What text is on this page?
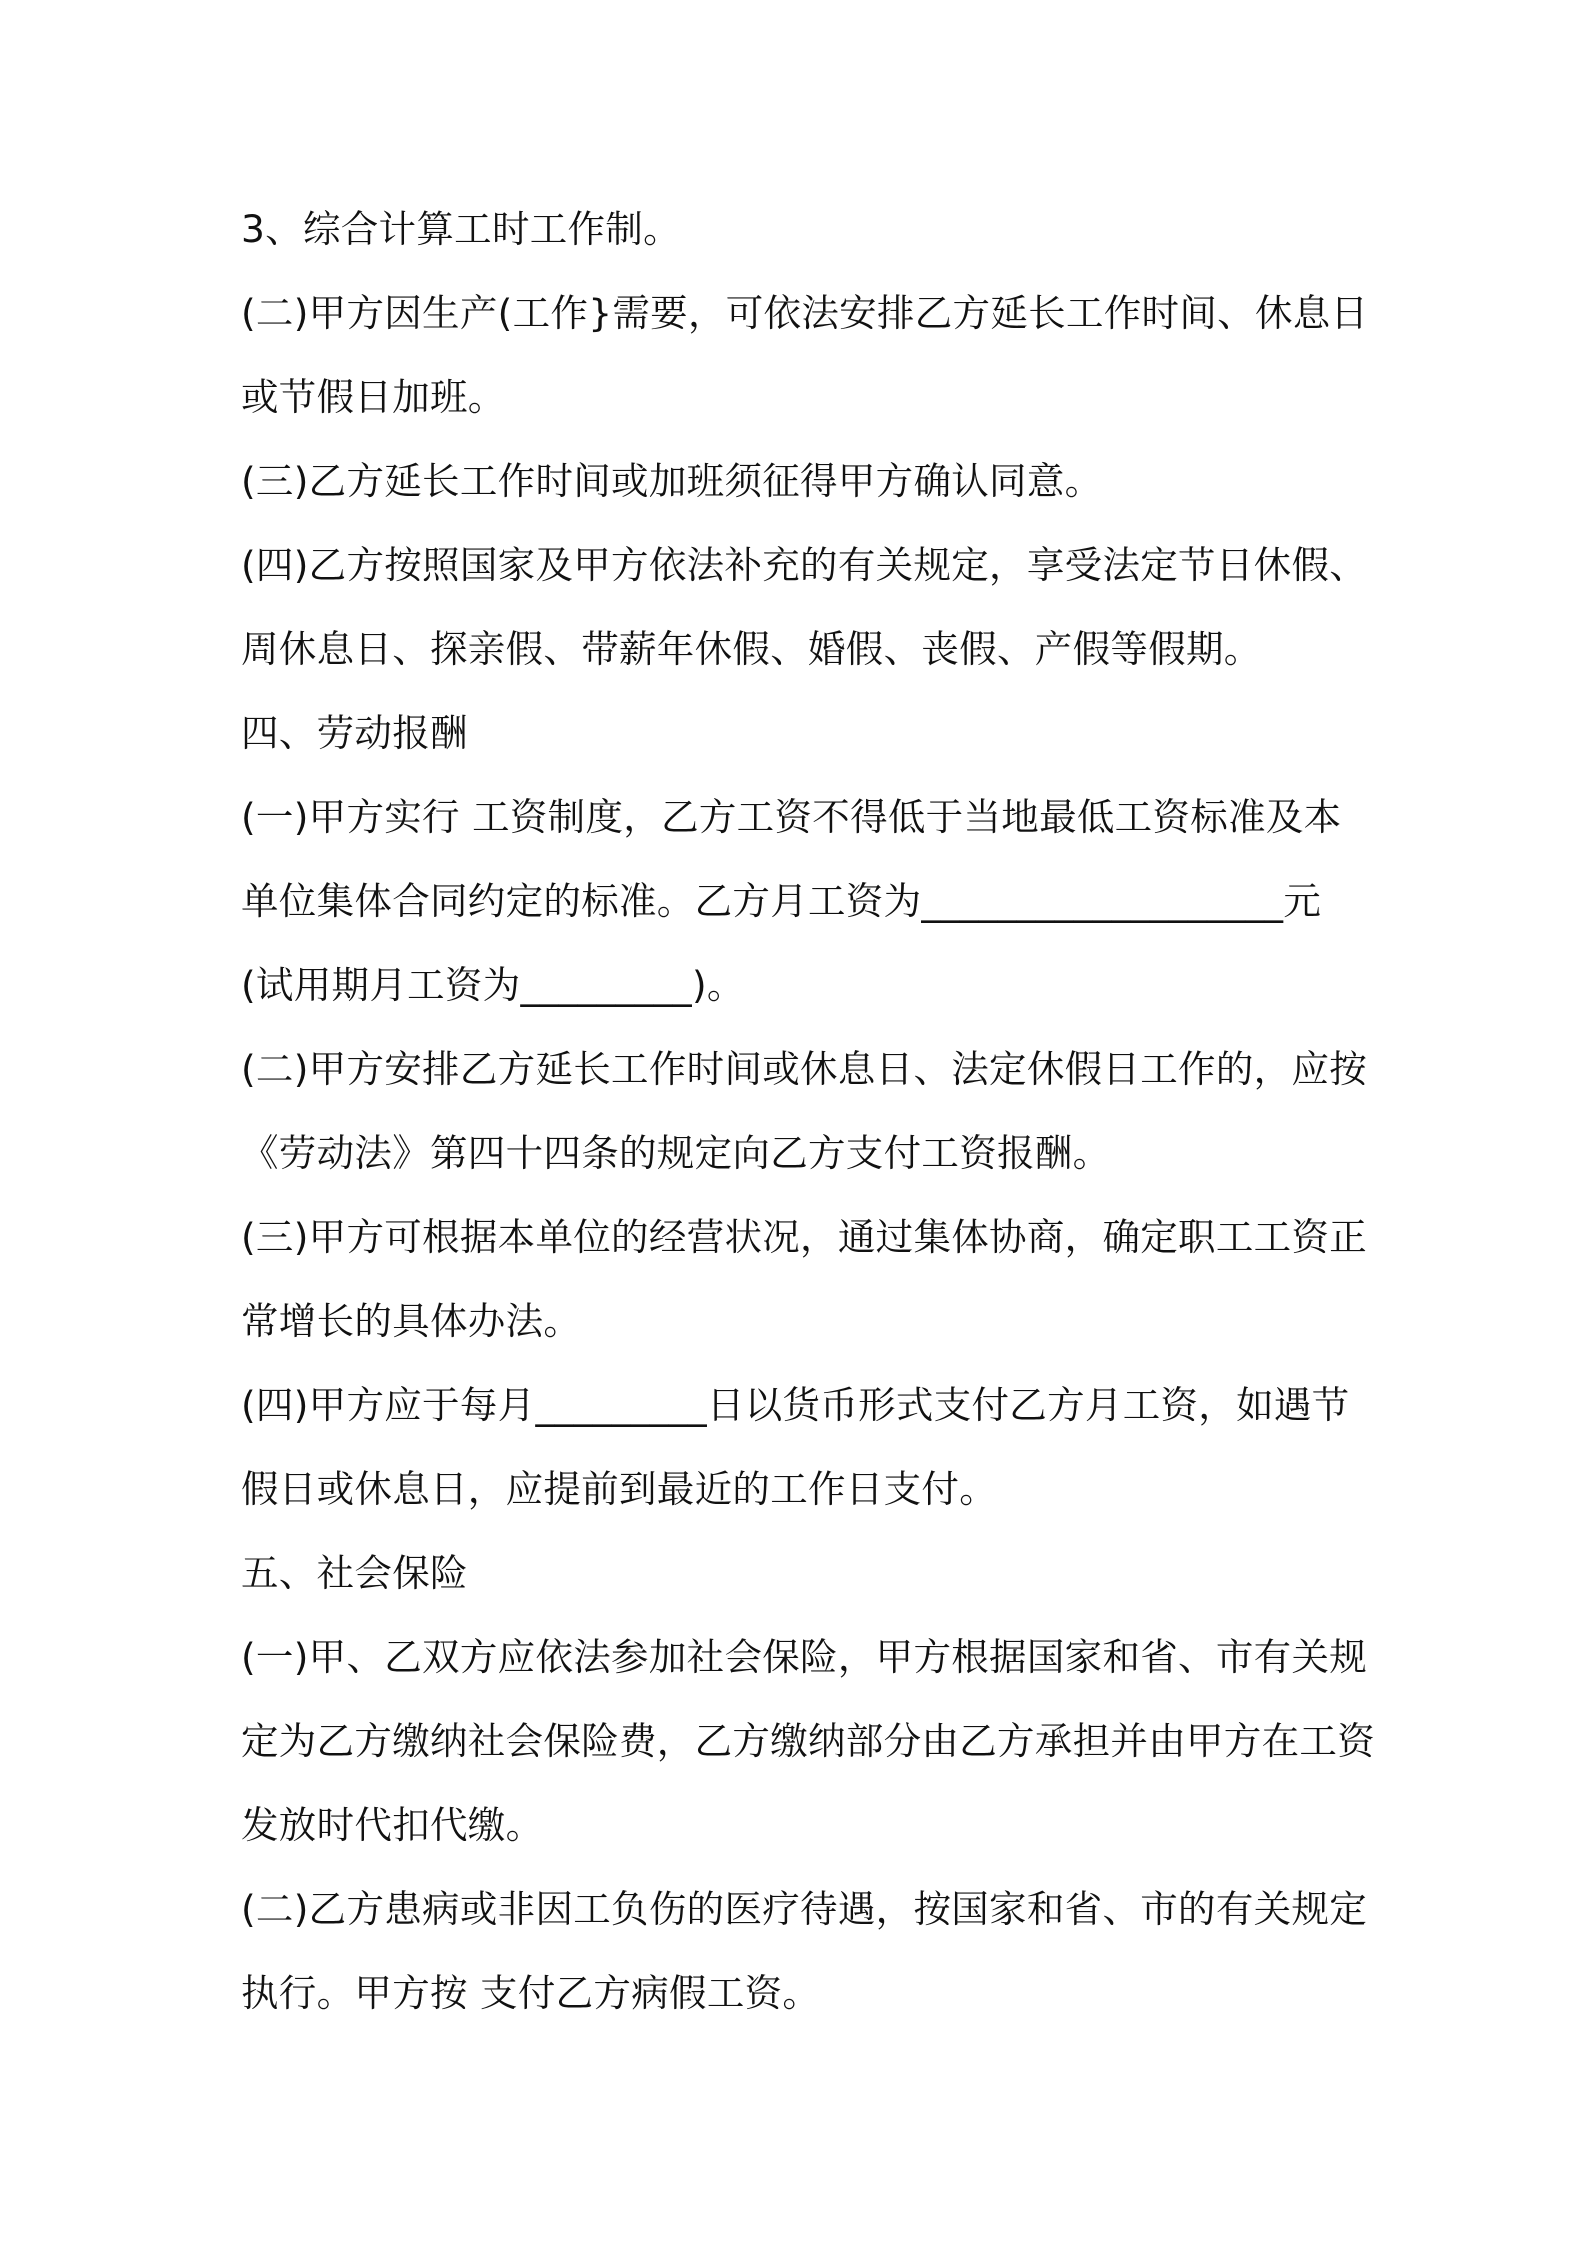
3、综合计算工时工作制。
(二)甲方因生产(工作}需要，可依法安排乙方延长工作时间、休息日
或节假日加班。
(三)乙方延长工作时间或加班须征得甲方确认同意。
(四)乙方按照国家及甲方依法补充的有关规定，享受法定节日休假、
周休息日、探亲假、带薪年休假、婚假、丧假、产假等假期。
四、劳动报酬
(一)甲方实行 工资制度，乙方工资不得低于当地最低工资标准及本
单位集体合同约定的标准。乙方月工资为___________________元
(试用期月工资为_________)。
(二)甲方安排乙方延长工作时间或休息日、法定休假日工作的，应按
《劳动法》第四十四条的规定向乙方支付工资报酬。
(三)甲方可根据本单位的经营状况，通过集体协商，确定职工工资正
常增长的具体办法。
(四)甲方应于每月_________日以货币形式支付乙方月工资，如遇节
假日或休息日，应提前到最近的工作日支付。
五、社会保险
(一)甲、乙双方应依法参加社会保险，甲方根据国家和省、市有关规
定为乙方缴纳社会保险费，乙方缴纳部分由乙方承担并由甲方在工资
发放时代扣代缴。
(二)乙方患病或非因工负伤的医疗待遇，按国家和省、市的有关规定
执行。甲方按 支付乙方病假工资。
